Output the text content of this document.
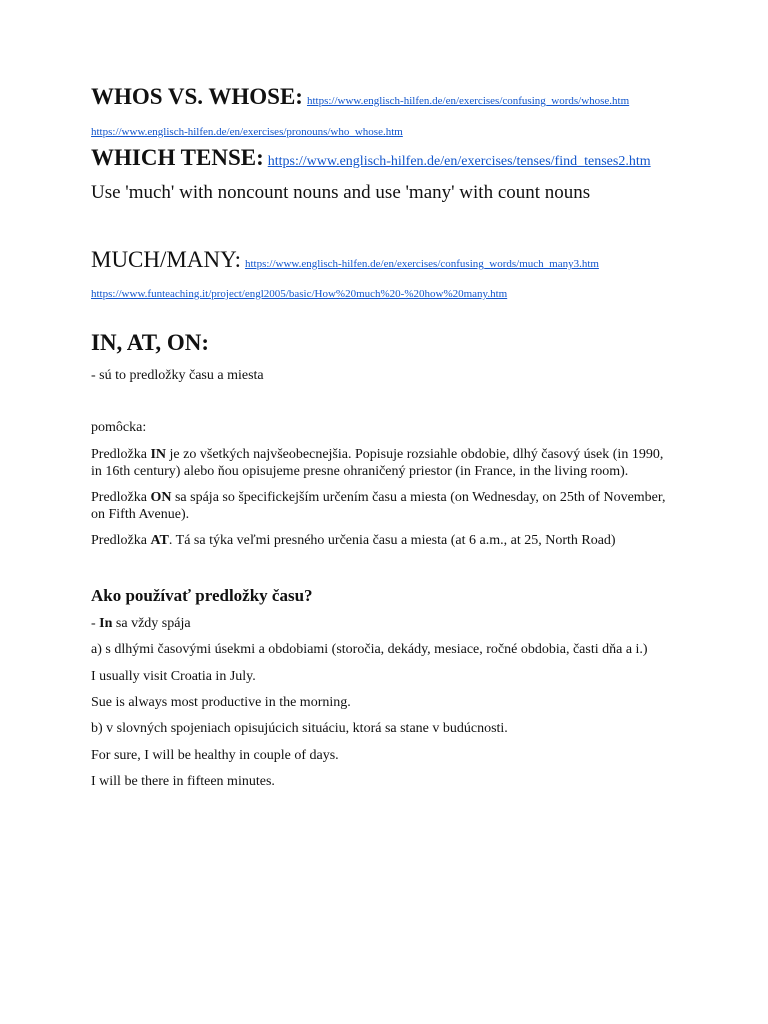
WHOS VS. WHOSE: https://www.englisch-hilfen.de/en/exercises/confusing_words/whose.htm
https://www.englisch-hilfen.de/en/exercises/pronouns/who_whose.htm
WHICH TENSE: https://www.englisch-hilfen.de/en/exercises/tenses/find_tenses2.htm
Use 'much' with noncount nouns and use 'many' with count nouns
MUCH/MANY: https://www.englisch-hilfen.de/en/exercises/confusing_words/much_many3.htm
https://www.funteaching.it/project/engl2005/basic/How%20much%20-%20how%20many.htm
IN, AT, ON:
- sú to predložky času a miesta
pomôcka:

Predložka IN je zo všetkých najvšeobecnejšia. Popisuje rozsiahle obdobie, dlhý časový úsek (in 1990, in 16th century) alebo ňou opisujeme presne ohraničený priestor (in France, in the living room).

Predložka ON sa spája so špecifickejším určením času a miesta (on Wednesday, on 25th of November, on Fifth Avenue).

Predložka AT. Tá sa týka veľmi presného určenia času a miesta (at 6 a.m., at 25, North Road)

Ako používať predložky času?

- In sa vždy spája

a) s dlhými časovými úsekmi a obdobiami (storočia, dekády, mesiace, ročné obdobia, časti dňa a i.)
I usually visit Croatia in July.
Sue is always most productive in the morning.
b) v slovných spojeniach opisujúcich situáciu, ktorá sa stane v budúcnosti.
For sure, I will be healthy in couple of days.
I will be there in fifteen minutes.
